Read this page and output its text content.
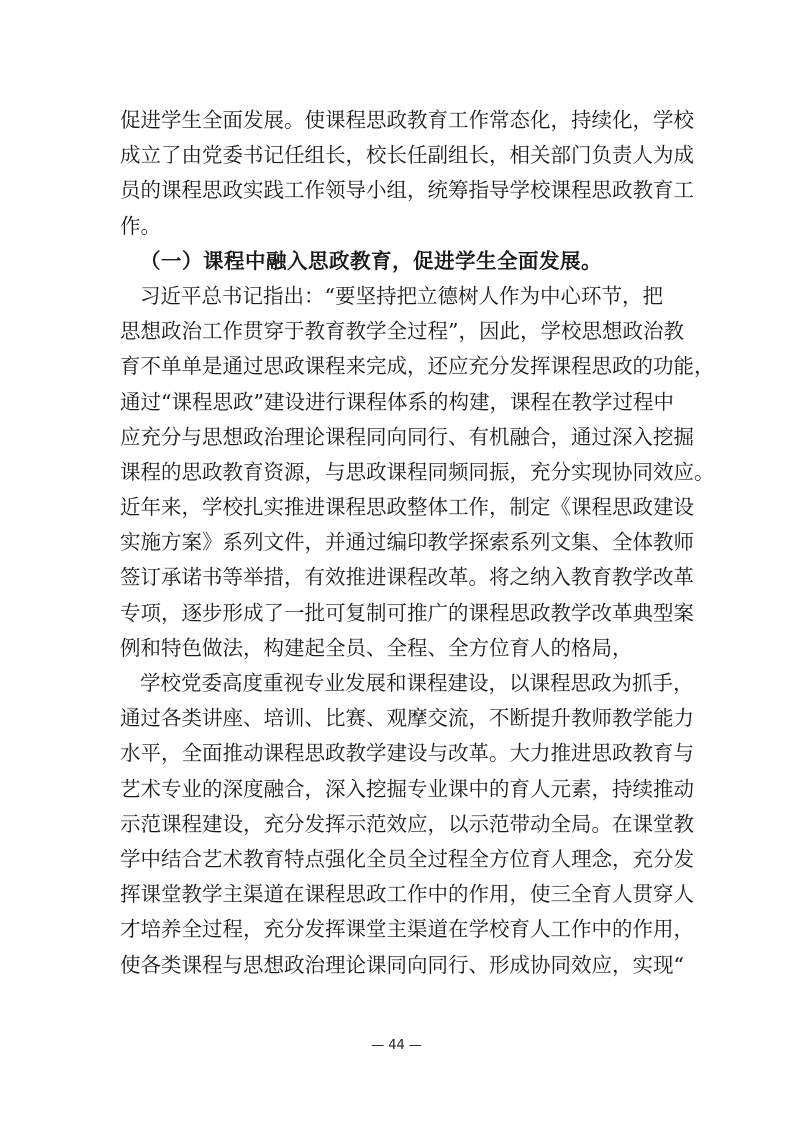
促进学生全面发展。使课程思政教育工作常态化，持续化，学校
成立了由党委书记任组长，校长任副组长，相关部门负责人为成
员的课程思政实践工作领导小组，统筹指导学校课程思政教育工
作。
（一）课程中融入思政教育，促进学生全面发展。
习近平总书记指出：“要坚持把立德树人作为中心环节，把
思想政治工作贯穿于教育教学全过程”，因此，学校思想政治教
育不单单是通过思政课程来完成，还应充分发挥课程思政的功能，
通过“课程思政”建设进行课程体系的构建，课程在教学过程中
应充分与思想政治理论课程同向同行、有机融合，通过深入挖掘
课程的思政教育资源，与思政课程同频同振，充分实现协同效应。
近年来，学校扎实推进课程思政整体工作，制定《课程思政建设
实施方案》系列文件，并通过编印教学探索系列文集、全体教师
签订承诺书等举措，有效推进课程改革。将之纳入教育教学改革
专项，逐步形成了一批可复制可推广的课程思政教学改革典型案
例和特色做法，构建起全员、全程、全方位育人的格局，
学校党委高度重视专业发展和课程建设，以课程思政为抓手，
通过各类讲座、培训、比赛、观摩交流，不断提升教师教学能力
水平，全面推动课程思政教学建设与改革。大力推进思政教育与
艺术专业的深度融合，深入挖掘专业课中的育人元素，持续推动
示范课程建设，充分发挥示范效应，以示范带动全局。在课堂教
学中结合艺术教育特点强化全员全过程全方位育人理念，充分发
挥课堂教学主渠道在课程思政工作中的作用，使三全育人贯穿人
才培养全过程，充分发挥课堂主渠道在学校育人工作中的作用，
使各类课程与思想政治理论课同向同行、形成协同效应，实现“
— 44 —
